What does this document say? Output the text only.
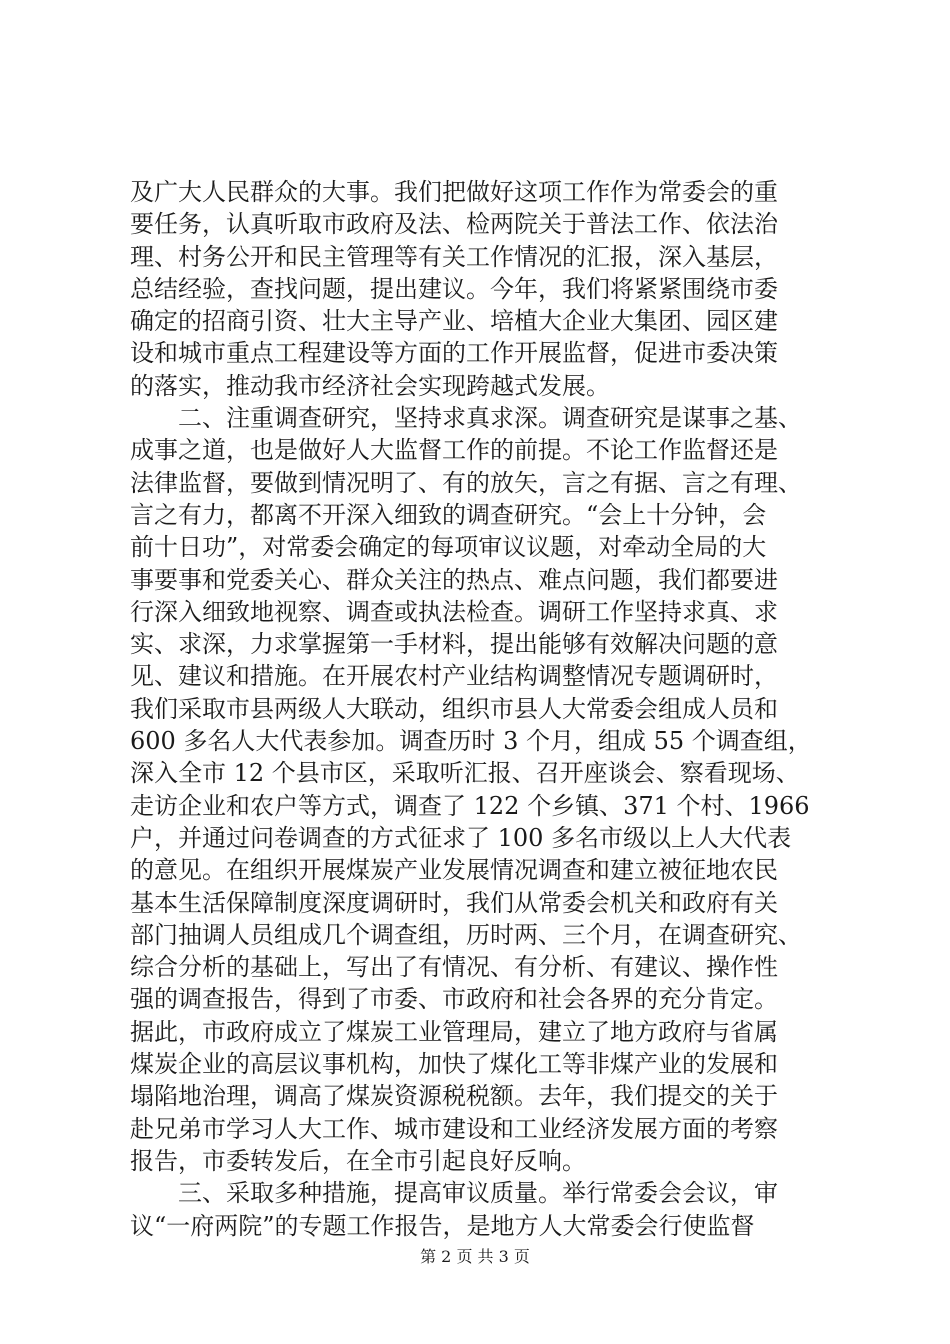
及广大人民群众的大事。我们把做好这项工作作为常委会的重
要任务，认真听取市政府及法、检两院关于普法工作、依法治
理、村务公开和民主管理等有关工作情况的汇报，深入基层，
总结经验，查找问题，提出建议。今年，我们将紧紧围绕市委
确定的招商引资、壮大主导产业、培植大企业大集团、园区建
设和城市重点工程建设等方面的工作开展监督，促进市委决策
的落实，推动我市经济社会实现跨越式发展。
　　二、注重调查研究，坚持求真求深。调查研究是谋事之基、
成事之道，也是做好人大监督工作的前提。不论工作监督还是
法律监督，要做到情况明了、有的放矢，言之有据、言之有理、
言之有力，都离不开深入细致的调查研究。“会上十分钟，会
前十日功”，对常委会确定的每项审议议题，对牵动全局的大
事要事和党委关心、群众关注的热点、难点问题，我们都要进
行深入细致地视察、调查或执法检查。调研工作坚持求真、求
实、求深，力求掌握第一手材料，提出能够有效解决问题的意
见、建议和措施。在开展农村产业结构调整情况专题调研时，
我们采取市县两级人大联动，组织市县人大常委会组成人员和
600 多名人大代表参加。调查历时 3 个月，组成 55 个调查组，
深入全市 12 个县市区，采取听汇报、召开座谈会、察看现场、
走访企业和农户等方式，调查了 122 个乡镇、371 个村、1966
户，并通过问卷调查的方式征求了 100 多名市级以上人大代表
的意见。在组织开展煤炭产业发展情况调查和建立被征地农民
基本生活保障制度深度调研时，我们从常委会机关和政府有关
部门抽调人员组成几个调查组，历时两、三个月，在调查研究、
综合分析的基础上，写出了有情况、有分析、有建议、操作性
强的调查报告，得到了市委、市政府和社会各界的充分肯定。
据此，市政府成立了煤炭工业管理局，建立了地方政府与省属
煤炭企业的高层议事机构，加快了煤化工等非煤产业的发展和
塌陷地治理，调高了煤炭资源税税额。去年，我们提交的关于
赴兄弟市学习人大工作、城市建设和工业经济发展方面的考察
报告，市委转发后，在全市引起良好反响。
　　三、采取多种措施，提高审议质量。举行常委会会议，审
议“一府两院”的专题工作报告，是地方人大常委会行使监督
第 2 页 共 3 页
